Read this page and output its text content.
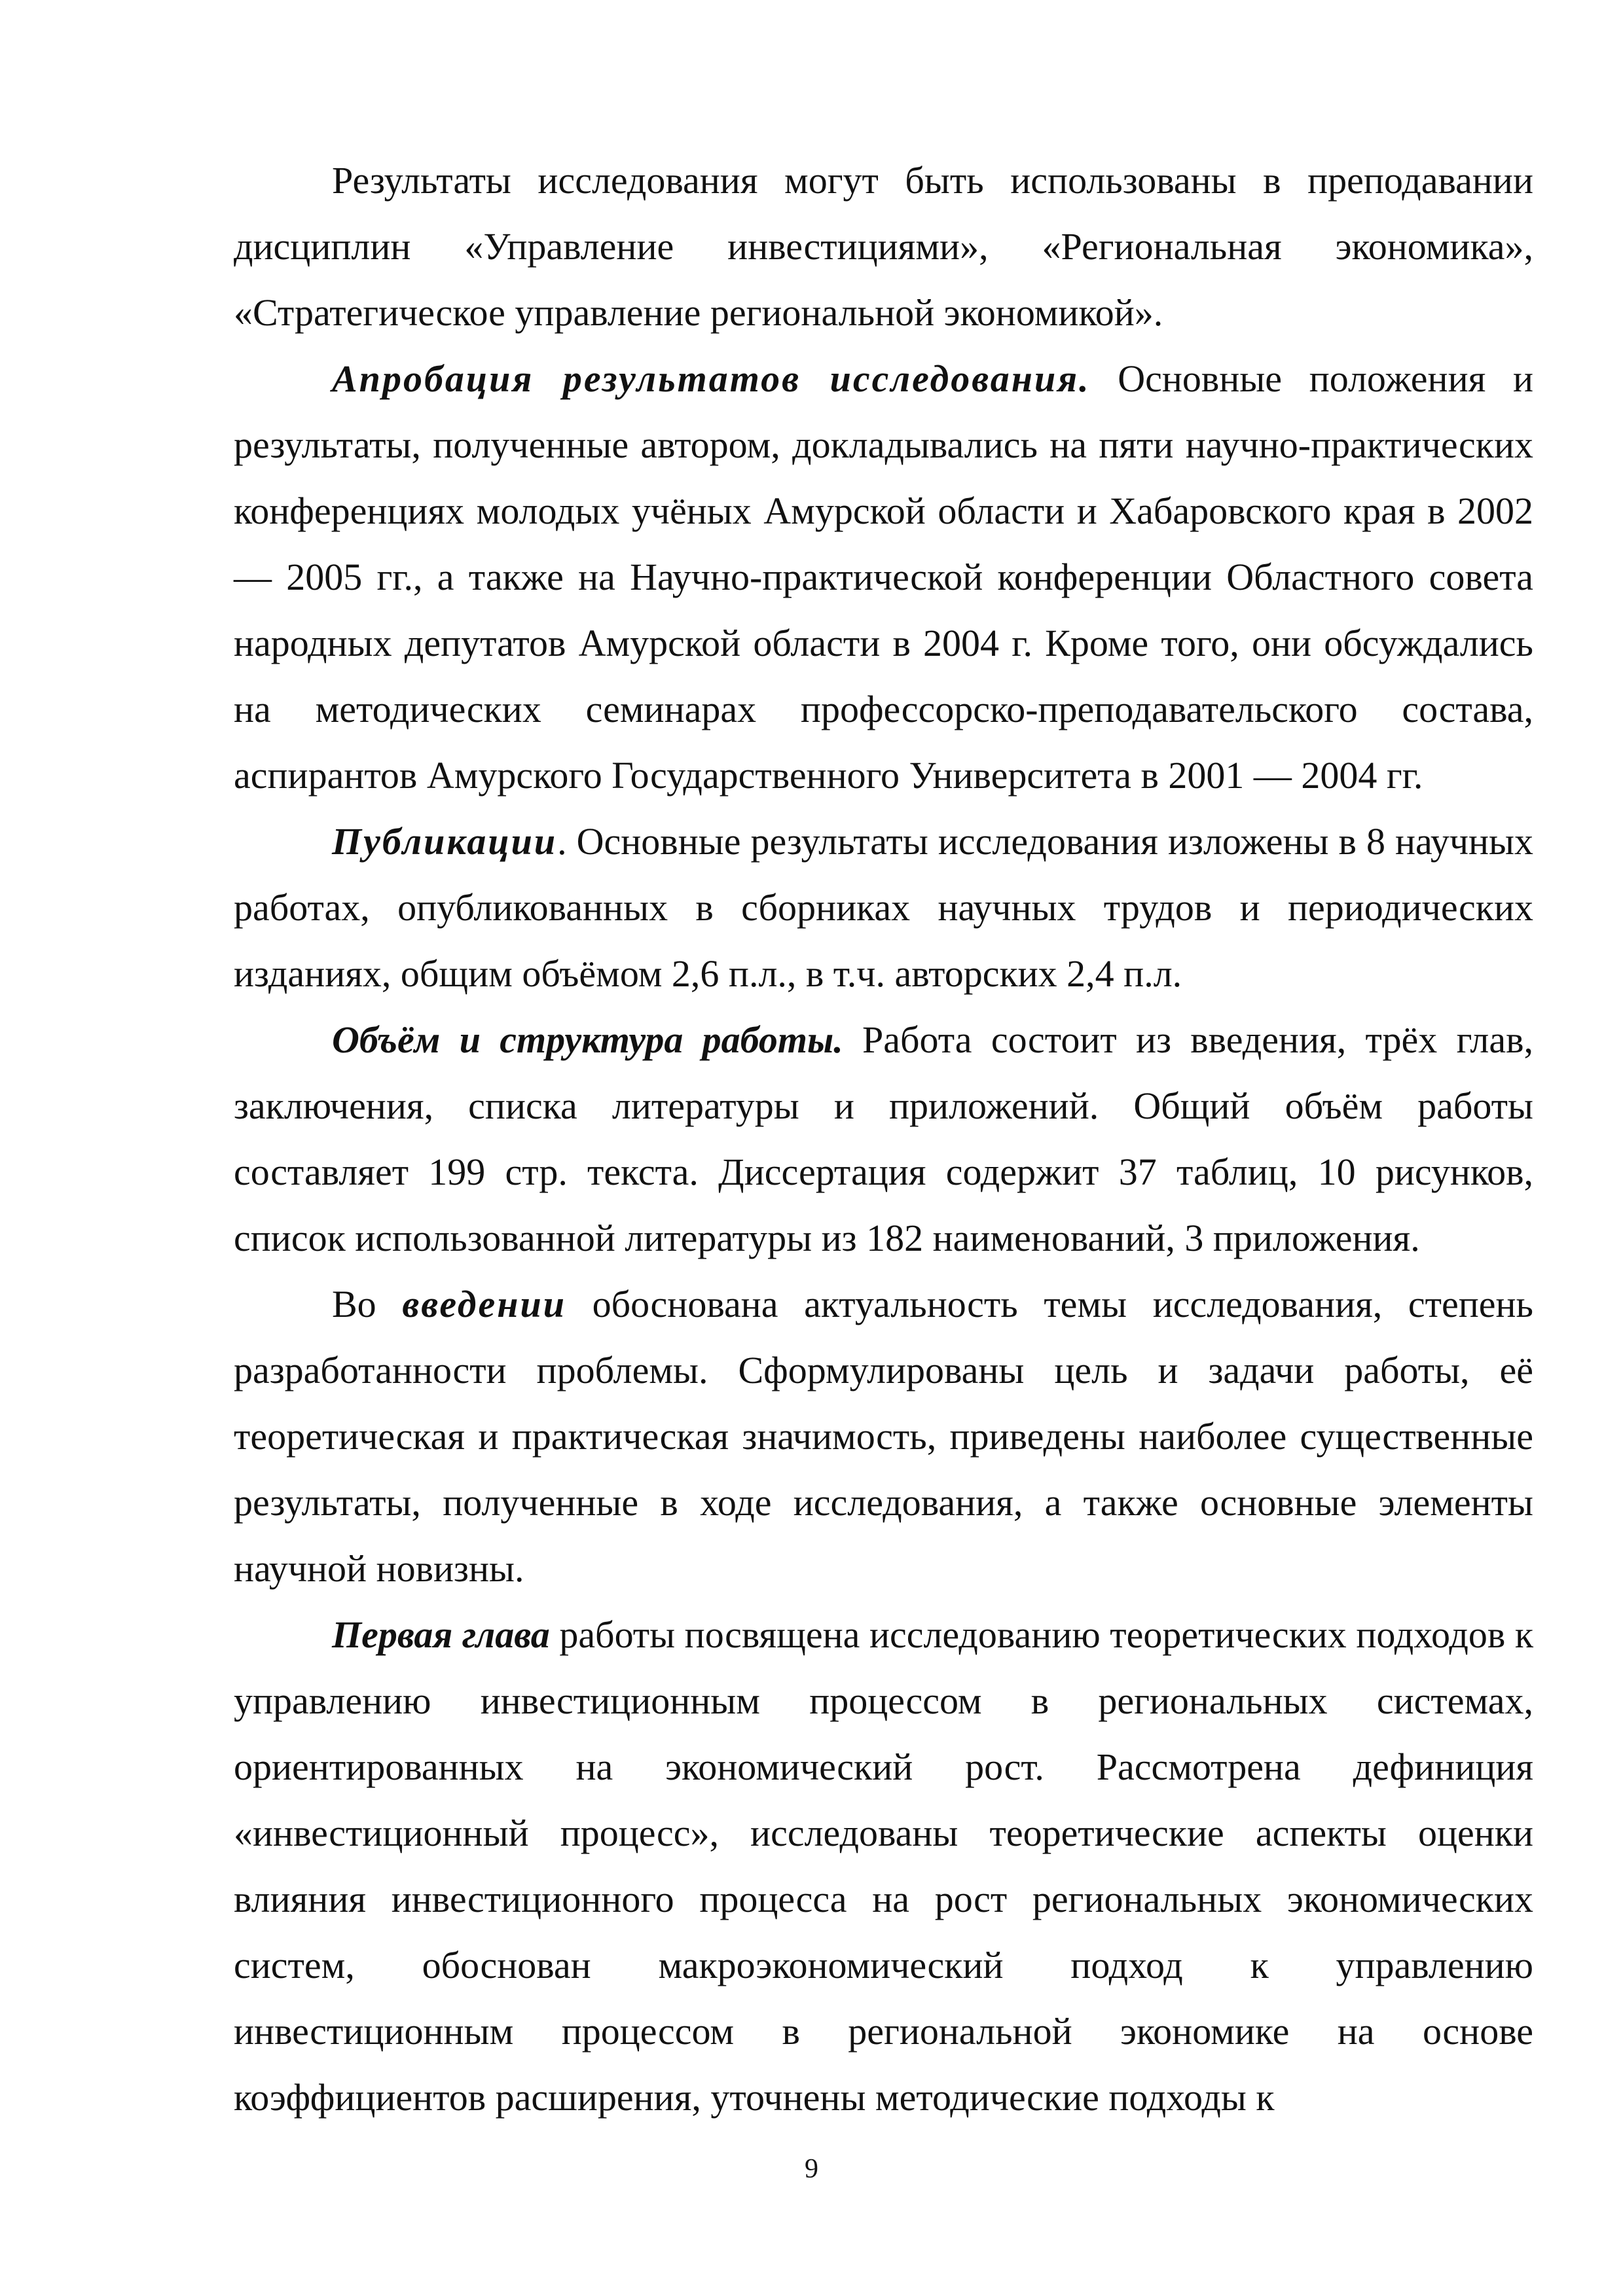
Результаты исследования могут быть использованы в преподавании дисциплин «Управление инвестициями», «Региональная экономика», «Стратегическое управление региональной экономикой».

Апробация результатов исследования. Основные положения и результаты, полученные автором, докладывались на пяти научно-практических конференциях молодых учёных Амурской области и Хабаровского края в 2002 — 2005 гг., а также на Научно-практической конференции Областного совета народных депутатов Амурской области в 2004 г. Кроме того, они обсуждались на методических семинарах профессорско-преподавательского состава, аспирантов Амурского Государственного Университета в 2001 — 2004 гг.

Публикации. Основные результаты исследования изложены в 8 научных работах, опубликованных в сборниках научных трудов и периодических изданиях, общим объёмом 2,6 п.л., в т.ч. авторских 2,4 п.л.

Объём и структура работы. Работа состоит из введения, трёх глав, заключения, списка литературы и приложений. Общий объём работы составляет 199 стр. текста. Диссертация содержит 37 таблиц, 10 рисунков, список использованной литературы из 182 наименований, 3 приложения.

Во введении обоснована актуальность темы исследования, степень разработанности проблемы. Сформулированы цель и задачи работы, её теоретическая и практическая значимость, приведены наиболее существенные результаты, полученные в ходе исследования, а также основные элементы научной новизны.

Первая глава работы посвящена исследованию теоретических подходов к управлению инвестиционным процессом в региональных системах, ориентированных на экономический рост. Рассмотрена дефиниция «инвестиционный процесс», исследованы теоретические аспекты оценки влияния инвестиционного процесса на рост региональных экономических систем, обоснован макроэкономический подход к управлению инвестиционным процессом в региональной экономике на основе коэффициентов расширения, уточнены методические подходы к

9
